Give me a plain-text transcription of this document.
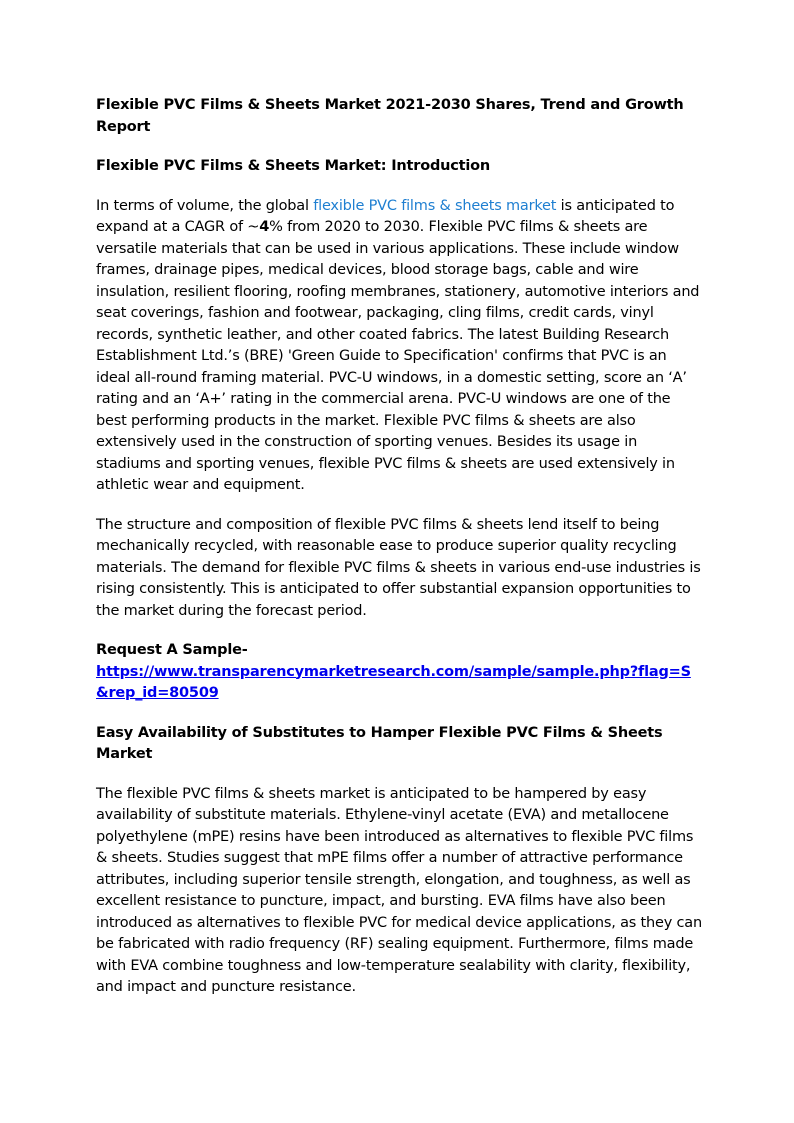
Flexible PVC Films & Sheets Market 2021-2030 Shares, Trend and Growth Report
Flexible PVC Films & Sheets Market: Introduction

In terms of volume, the global flexible PVC films & sheets market is anticipated to expand at a CAGR of ~4% from 2020 to 2030. Flexible PVC films & sheets are versatile materials that can be used in various applications. These include window frames, drainage pipes, medical devices, blood storage bags, cable and wire insulation, resilient flooring, roofing membranes, stationery, automotive interiors and seat coverings, fashion and footwear, packaging, cling films, credit cards, vinyl records, synthetic leather, and other coated fabrics. The latest Building Research Establishment Ltd.’s (BRE) 'Green Guide to Specification' confirms that PVC is an ideal all-round framing material. PVC-U windows, in a domestic setting, score an ‘A’ rating and an ‘A+’ rating in the commercial arena. PVC-U windows are one of the best performing products in the market. Flexible PVC films & sheets are also extensively used in the construction of sporting venues. Besides its usage in stadiums and sporting venues, flexible PVC films & sheets are used extensively in athletic wear and equipment.

The structure and composition of flexible PVC films & sheets lend itself to being mechanically recycled, with reasonable ease to produce superior quality recycling materials. The demand for flexible PVC films & sheets in various end-use industries is rising consistently. This is anticipated to offer substantial expansion opportunities to the market during the forecast period.

Request A Sample-

https://www.transparencymarketresearch.com/sample/sample.php?flag=S&rep_id=80509

Easy Availability of Substitutes to Hamper Flexible PVC Films & Sheets Market

The flexible PVC films & sheets market is anticipated to be hampered by easy availability of substitute materials. Ethylene-vinyl acetate (EVA) and metallocene polyethylene (mPE) resins have been introduced as alternatives to flexible PVC films & sheets. Studies suggest that mPE films offer a number of attractive performance attributes, including superior tensile strength, elongation, and toughness, as well as excellent resistance to puncture, impact, and bursting. EVA films have also been introduced as alternatives to flexible PVC for medical device applications, as they can be fabricated with radio frequency (RF) sealing equipment. Furthermore, films made with EVA combine toughness and low-temperature sealability with clarity, flexibility, and impact and puncture resistance.
